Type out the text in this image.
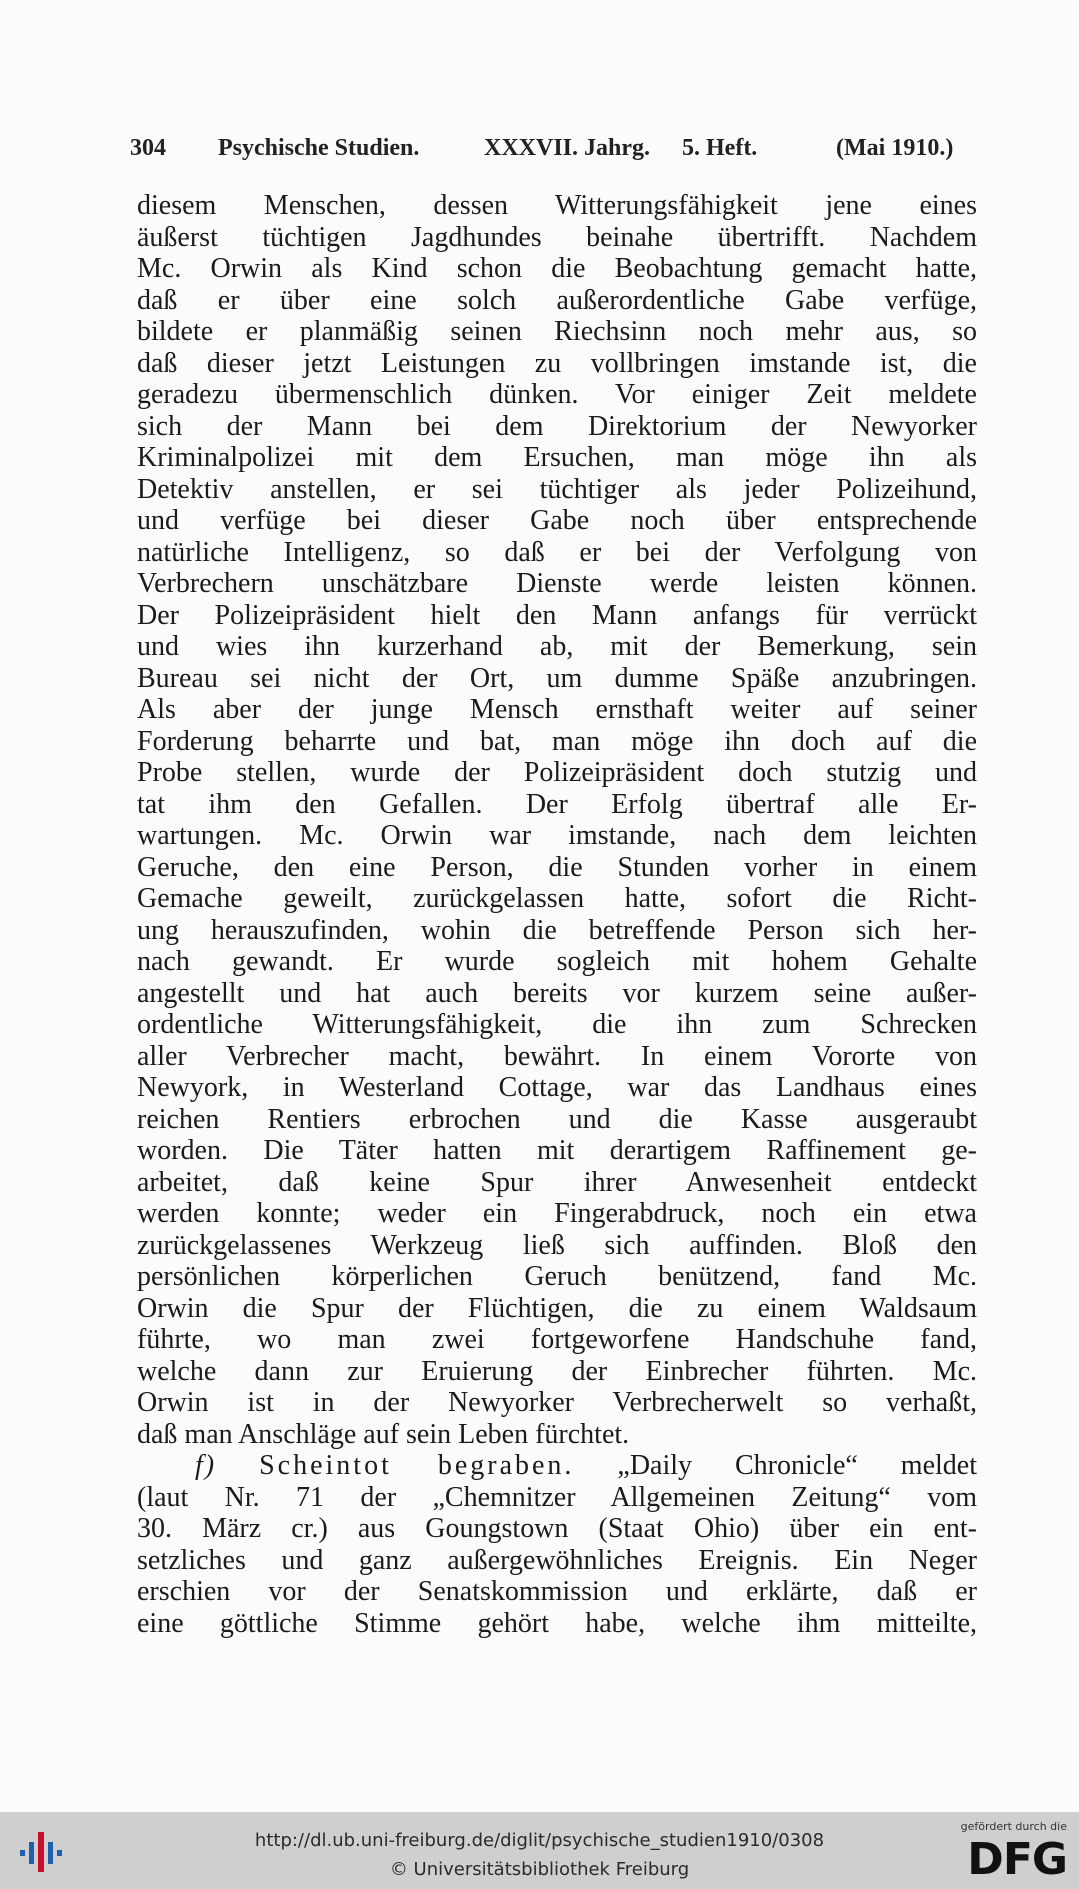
304 Psychische Studien.	XXXVII. Jahrg. 5. Heft.	(Mai 1910.)
diesem Menschen, dessen Witterungsfähigkeit jene eines
äußerst tüchtigen Jagdhundes beinahe übertrifft. Nachdem
Mc. Orwin als Kind schon die Beobachtung gemacht hatte,
daß er über eine solch außerordentliche Gabe verfüge,
bildete er planmäßig seinen Riechsinn noch mehr aus, so
daß dieser jetzt Leistungen zu vollbringen imstande ist, die
geradezu übermenschlich dünken. Vor einiger Zeit meldete
sich der Mann bei dem Direktorium der Newyorker
Kriminalpolizei mit dem Ersuchen, man möge ihn als
Detektiv anstellen, er sei tüchtiger als jeder Polizeihund,
und verfüge bei dieser Gabe noch über entsprechende
natürliche Intelligenz, so daß er bei der Verfolgung von
Verbrechern unschätzbare Dienste werde leisten können.
Der Polizeipräsident hielt den Mann anfangs für verrückt
und wies ihn kurzerhand ab, mit der Bemerkung, sein
Bureau sei nicht der Ort, um dumme Späße anzubringen.
Als aber der junge Mensch ernsthaft weiter auf seiner
Forderung beharrte und bat, man möge ihn doch auf die
Probe stellen, wurde der Polizeipräsident doch stutzig und
tat ihm den Gefallen. Der Erfolg übertraf alle Er-
wartungen. Mc. Orwin war imstande, nach dem leichten
Geruche, den eine Person, die Stunden vorher in einem
Gemache geweilt, zurückgelassen hatte, sofort die Richt-
ung herauszufinden, wohin die betreffende Person sich her-
nach gewandt. Er wurde sogleich mit hohem Gehalte
angestellt und hat auch bereits vor kurzem seine außer-
ordentliche Witterungsfähigkeit, die ihn zum Schrecken
aller Verbrecher macht, bewährt. In einem Vororte von
Newyork, in Westerland Cottage, war das Landhaus eines
reichen Rentiers erbrochen und die Kasse ausgeraubt
worden. Die Täter hatten mit derartigem Raffinement ge-
arbeitet, daß keine Spur ihrer Anwesenheit entdeckt
werden konnte; weder ein Fingerabdruck, noch ein etwa
zurückgelassenes Werkzeug ließ sich auffinden. Bloß den
persönlichen körperlichen Geruch benützend, fand Mc.
Orwin die Spur der Flüchtigen, die zu einem Waldsaum
führte, wo man zwei fortgeworfene Handschuhe fand,
welche dann zur Eruierung der Einbrecher führten. Mc.
Orwin ist in der Newyorker Verbrecherwelt so verhaßt,
daß man Anschläge auf sein Leben fürchtet.
f) Scheintot begraben. „Daily Chronicle“ meldet
(laut Nr. 71 der „Chemnitzer Allgemeinen Zeitung“ vom
30. März cr.) aus Goungstown (Staat Ohio) über ein ent-
setzliches und ganz außergewöhnliches Ereignis. Ein Neger
erschien vor der Senatskommission und erklärte, daß er
eine göttliche Stimme gehört habe, welche ihm mitteilte,
http://dl.ub.uni-freiburg.de/diglit/psychische_studien1910/0308
© Universitätsbibliothek Freiburg
gefördert durch die
DFG
